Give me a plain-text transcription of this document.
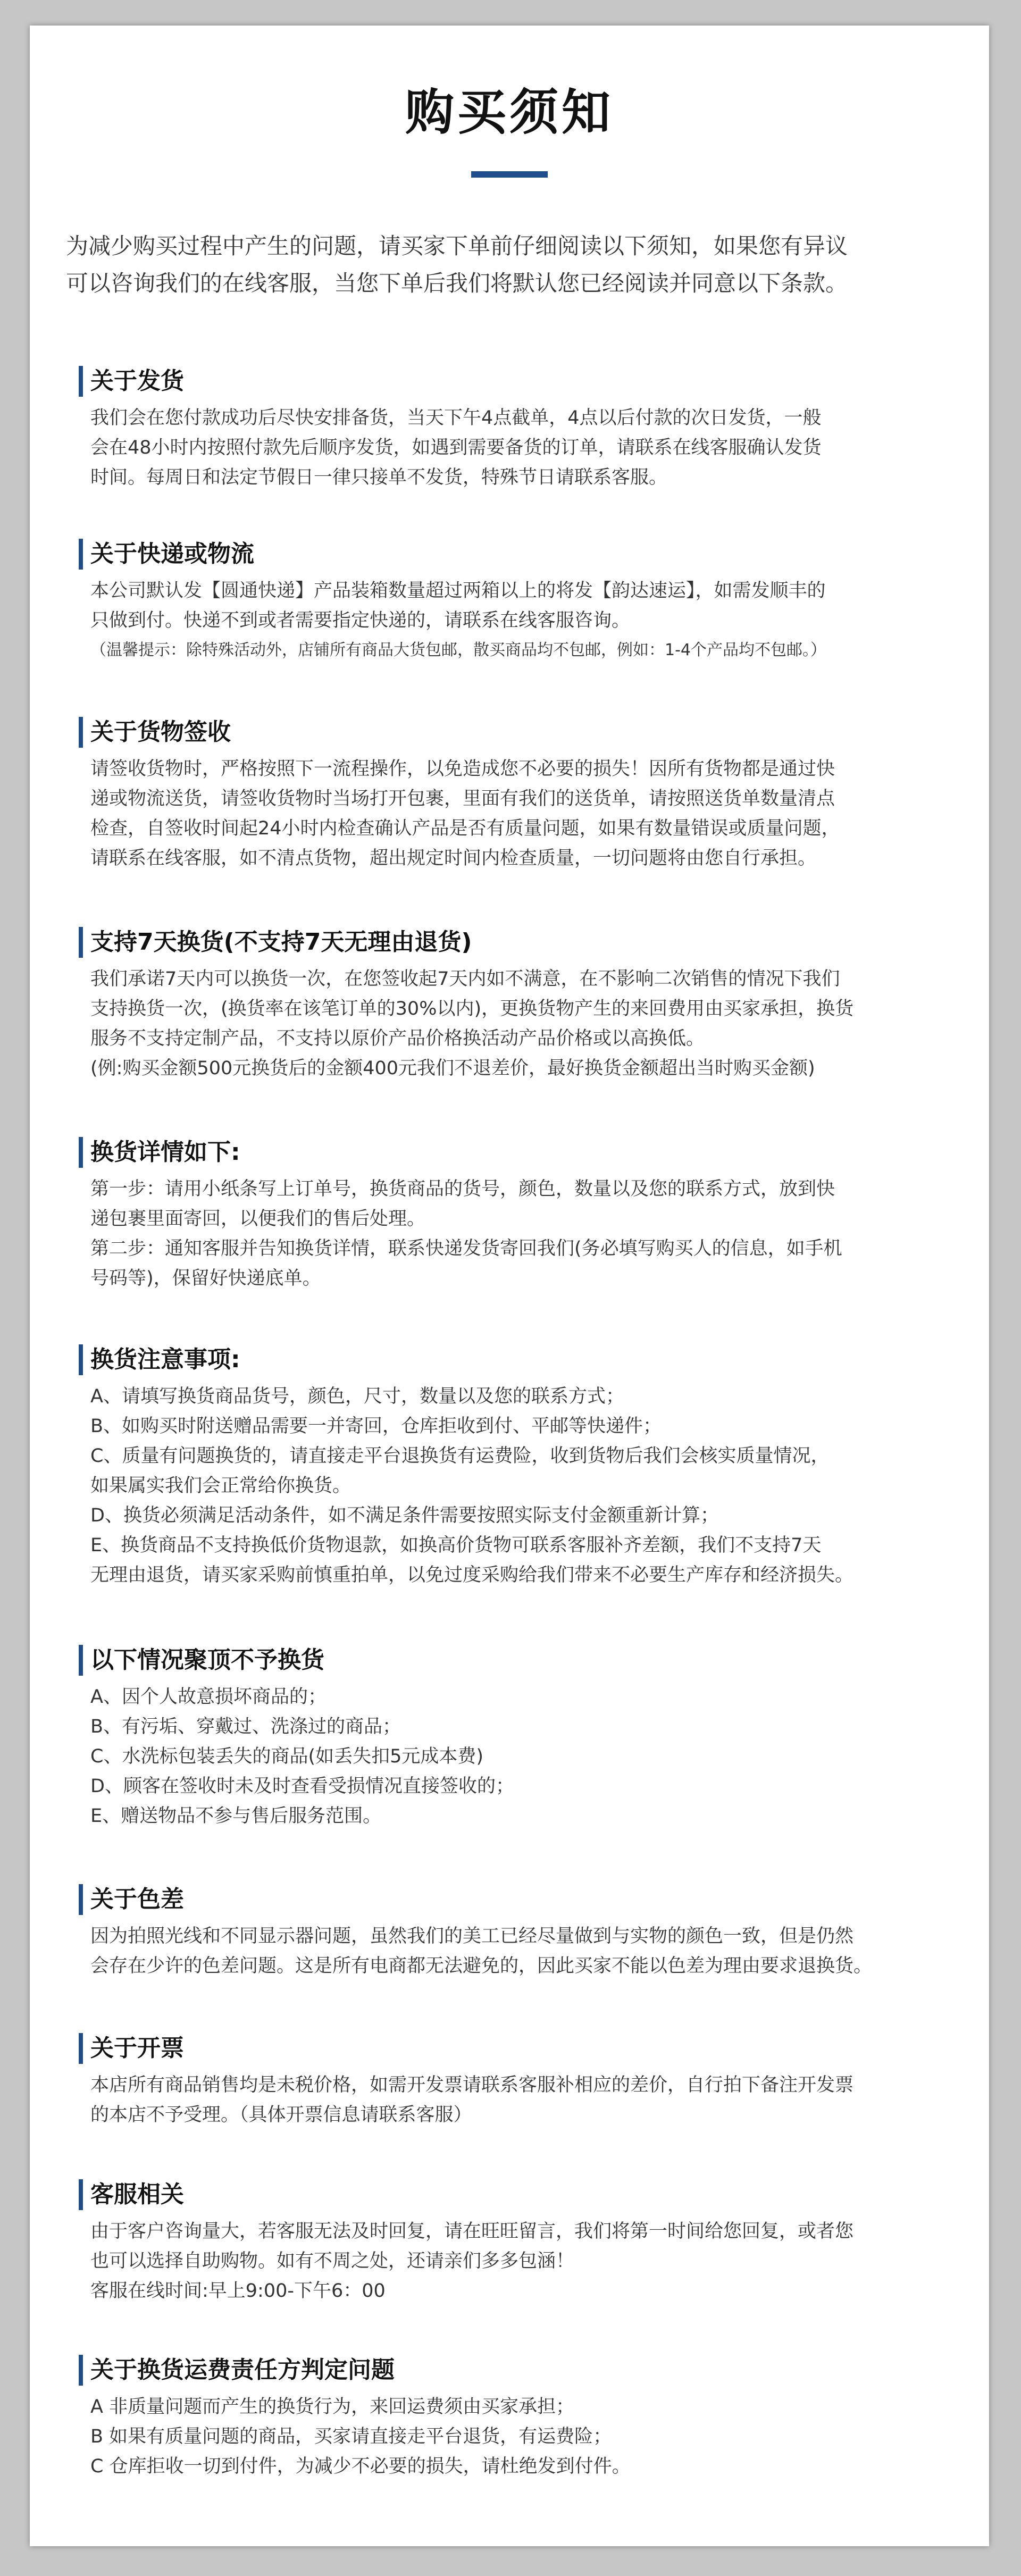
购买须知

为减少购买过程中产生的问题，请买家下单前仔细阅读以下须知，如果您有异议

可以咨询我们的在线客服，当您下单后我们将默认您已经阅读并同意以下条款。

关于发货
我们会在您付款成功后尽快安排备货，当天下午4点截单，4点以后付款的次日发货，一般
会在48小时内按照付款先后顺序发货，如遇到需要备货的订单，请联系在线客服确认发货
时间。每周日和法定节假日一律只接单不发货，特殊节日请联系客服。
关于快递或物流
本公司默认发【圆通快递】产品装箱数量超过两箱以上的将发【韵达速运】，如需发顺丰的
只做到付。快递不到或者需要指定快递的，请联系在线客服咨询。
（温馨提示：除特殊活动外，店铺所有商品大货包邮，散买商品均不包邮，例如：1-4个产品均不包邮。）
关于货物签收
请签收货物时，严格按照下一流程操作，以免造成您不必要的损失！因所有货物都是通过快
递或物流送货，请签收货物时当场打开包裹，里面有我们的送货单，请按照送货单数量清点
检查，自签收时间起24小时内检查确认产品是否有质量问题，如果有数量错误或质量问题，
请联系在线客服，如不清点货物，超出规定时间内检查质量，一切问题将由您自行承担。
支持7天换货(不支持7天无理由退货)
我们承诺7天内可以换货一次，在您签收起7天内如不满意，在不影响二次销售的情况下我们
支持换货一次，(换货率在该笔订单的30%以内)，更换货物产生的来回费用由买家承担，换货
服务不支持定制产品，不支持以原价产品价格换活动产品价格或以高换低。
(例:购买金额500元换货后的金额400元我们不退差价，最好换货金额超出当时购买金额)
换货详情如下:
第一步：请用小纸条写上订单号，换货商品的货号，颜色，数量以及您的联系方式，放到快
递包裹里面寄回，以便我们的售后处理。
第二步：通知客服并告知换货详情，联系快递发货寄回我们(务必填写购买人的信息，如手机
号码等)，保留好快递底单。
换货注意事项:
A、请填写换货商品货号，颜色，尺寸，数量以及您的联系方式；
B、如购买时附送赠品需要一并寄回，仓库拒收到付、平邮等快递件；
C、质量有问题换货的，请直接走平台退换货有运费险，收到货物后我们会核实质量情况，
如果属实我们会正常给你换货。
D、换货必须满足活动条件，如不满足条件需要按照实际支付金额重新计算；
E、换货商品不支持换低价货物退款，如换高价货物可联系客服补齐差额，我们不支持7天
无理由退货，请买家采购前慎重拍单，以免过度采购给我们带来不必要生产库存和经济损失。
以下情况聚顶不予换货
A、因个人故意损坏商品的；
B、有污垢、穿戴过、洗涤过的商品；
C、水洗标包装丢失的商品(如丢失扣5元成本费)
D、顾客在签收时未及时查看受损情况直接签收的；
E、赠送物品不参与售后服务范围。
关于色差
因为拍照光线和不同显示器问题，虽然我们的美工已经尽量做到与实物的颜色一致，但是仍然
会存在少许的色差问题。这是所有电商都无法避免的，因此买家不能以色差为理由要求退换货。
关于开票
本店所有商品销售均是未税价格，如需开发票请联系客服补相应的差价，自行拍下备注开发票
的本店不予受理。（具体开票信息请联系客服）
客服相关
由于客户咨询量大，若客服无法及时回复，请在旺旺留言，我们将第一时间给您回复，或者您
也可以选择自助购物。如有不周之处，还请亲们多多包涵！
客服在线时间:早上9:00-下午6：00
关于换货运费责任方判定问题
A 非质量问题而产生的换货行为，来回运费须由买家承担；
B 如果有质量问题的商品，买家请直接走平台退货，有运费险；
C 仓库拒收一切到付件，为减少不必要的损失，请杜绝发到付件。
